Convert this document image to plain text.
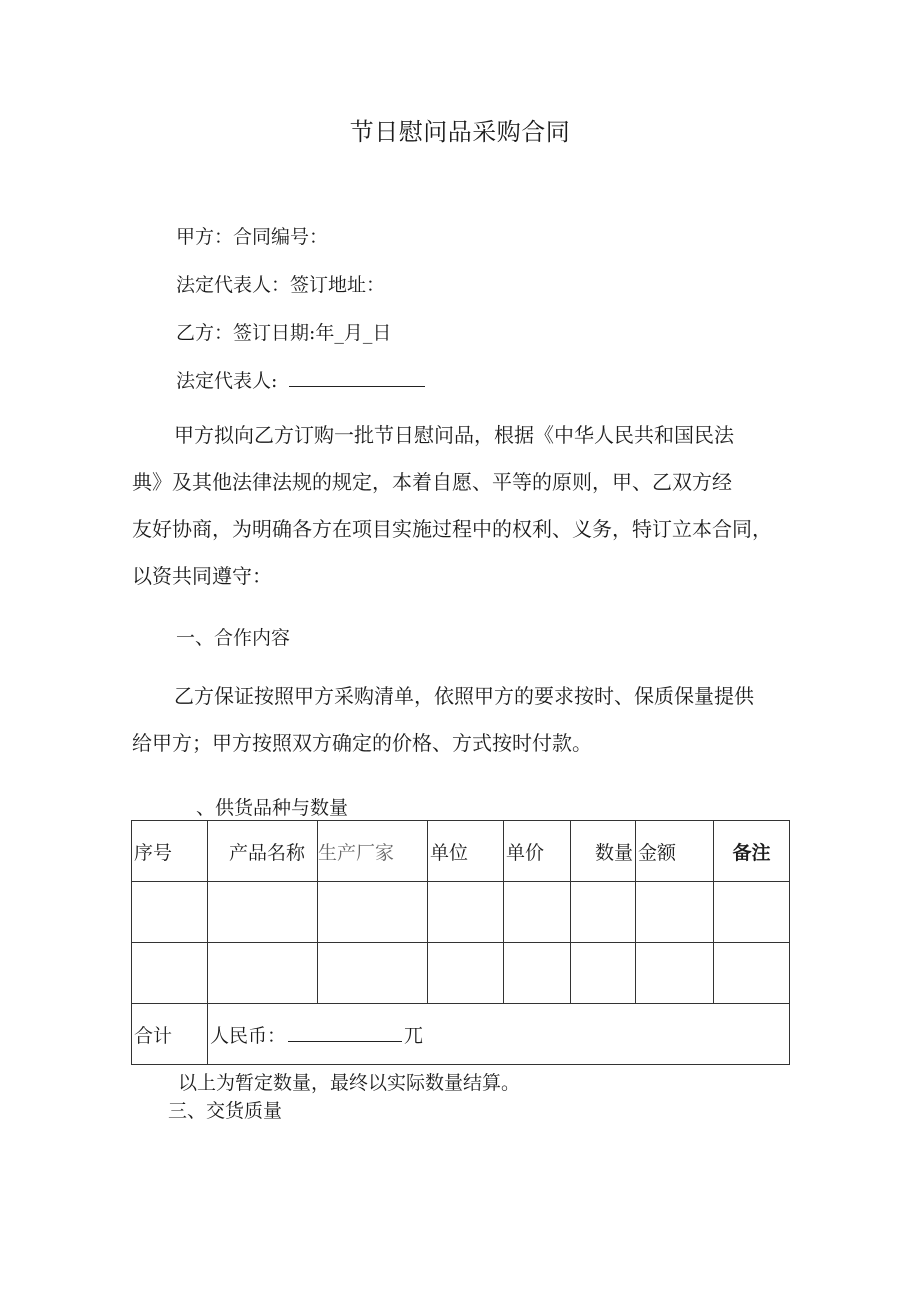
节日慰问品采购合同
甲方：合同编号：
法定代表人：签订地址：
乙方：签订日期:年_月_日
法定代表人:
甲方拟向乙方订购一批节日慰问品，根据《中华人民共和国民法
典》及其他法律法规的规定，本着自愿、平等的原则，甲、乙双方经
友好协商，为明确各方在项目实施过程中的权利、义务，特订立本合同，
以资共同遵守：
一、合作内容
乙方保证按照甲方采购清单，依照甲方的要求按时、保质保量提供
给甲方；甲方按照双方确定的价格、方式按时付款。
、供货品种与数量
序号	产品名称	生产厂家	单位	单价	数量	金额	备注

合计	人民币： 兀						
以上为暂定数量，最终以实际数量结算。
三、交货质量
